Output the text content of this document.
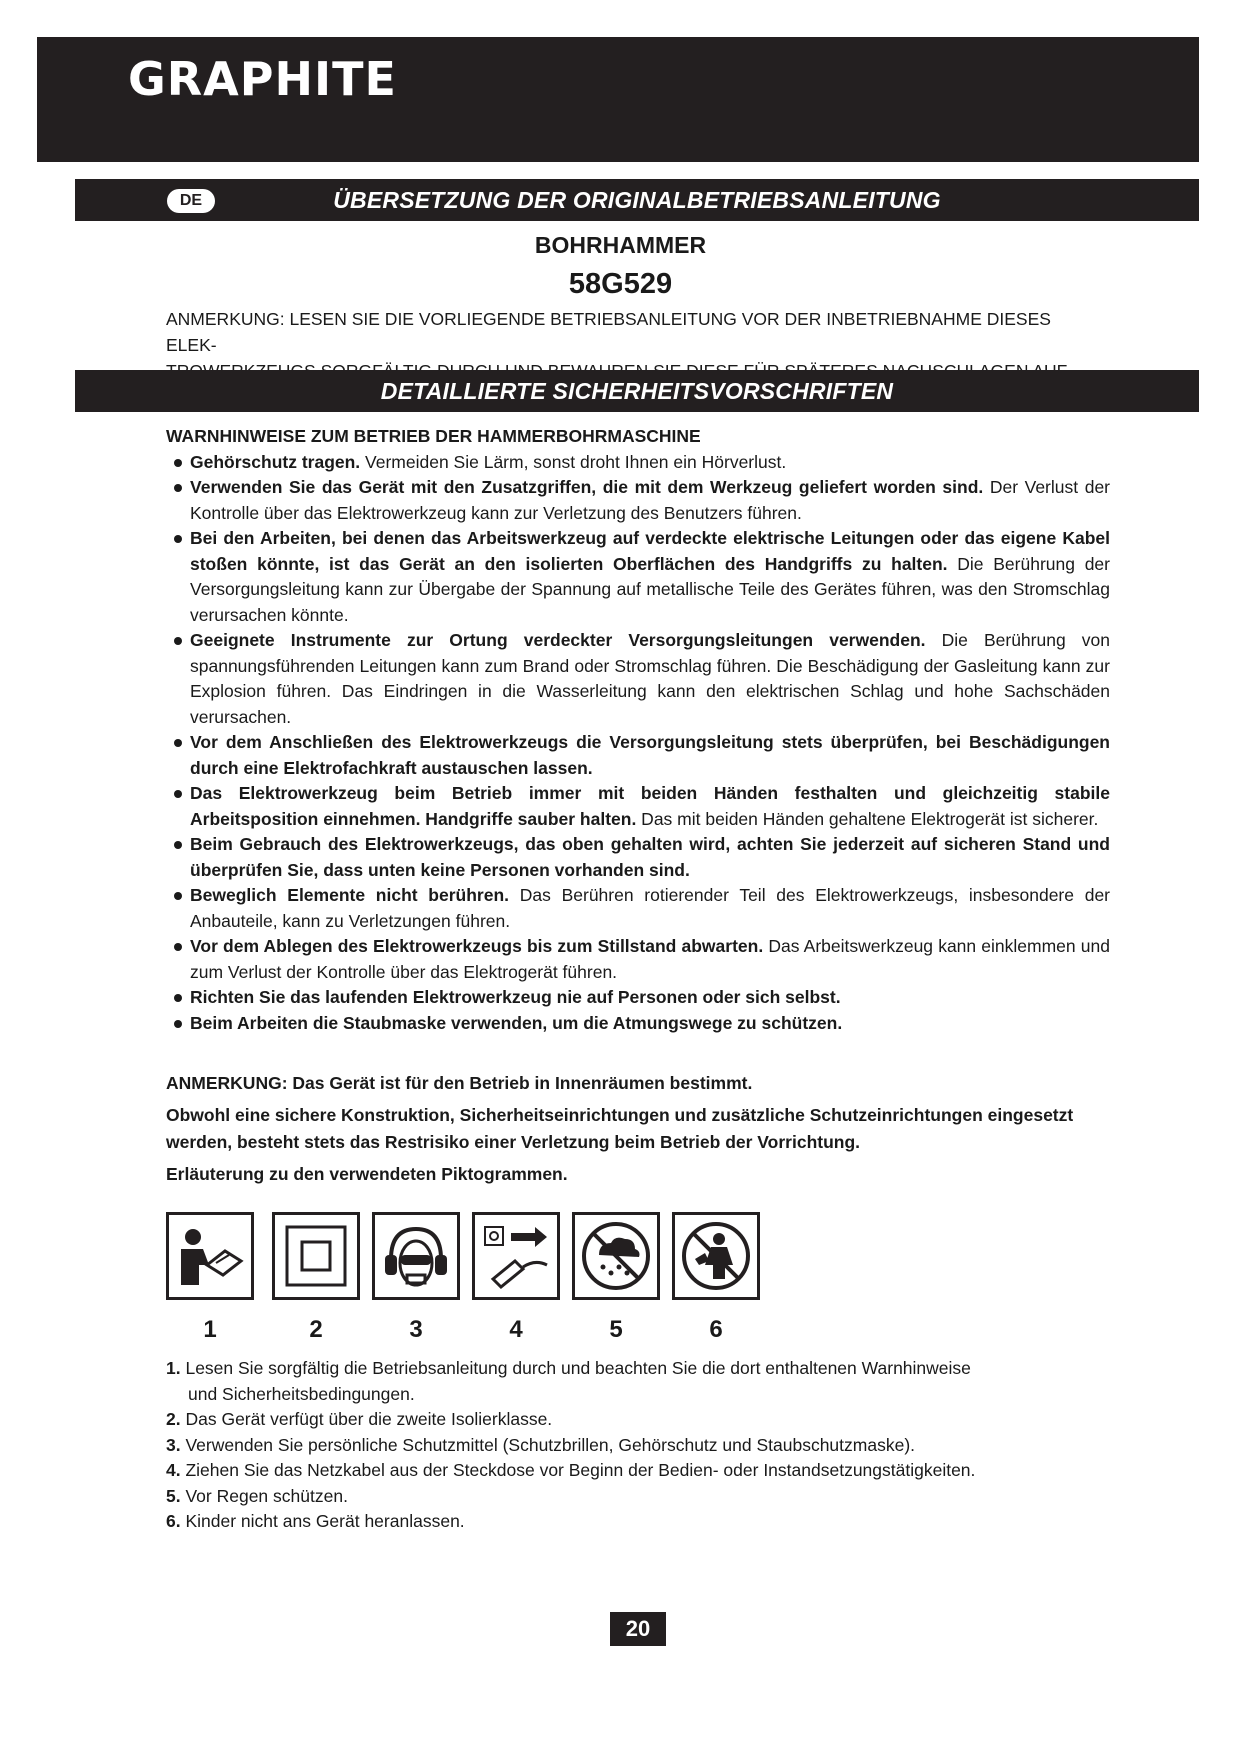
GRAPHITE
DE	ÜBERSETZUNG DER ORIGINALBETRIEBSANLEITUNG
BOHRHAMMER
58G529
ANMERKUNG: LESEN SIE DIE VORLIEGENDE BETRIEBSANLEITUNG VOR DER INBETRIEBNAHME DIESES ELEK-
DETAILLIERTE SICHERHEITSVORSCHRIFTEN
WARNHINWEISE ZUM BETRIEB DER HAMMERBOHRMASCHINE
Gehörschutz tragen. Vermeiden Sie Lärm, sonst droht Ihnen ein Hörverlust.
Verwenden Sie das Gerät mit den Zusatzgriffen, die mit dem Werkzeug geliefert worden sind. Der Verlust der Kontrolle über das Elektrowerkzeug kann zur Verletzung des Benutzers führen.
Bei den Arbeiten, bei denen das Arbeitswerkzeug auf verdeckte elektrische Leitungen oder das eigene Kabel stoßen könnte, ist das Gerät an den isolierten Oberflächen des Handgriffs zu halten. Die Berührung der Versorgungsleitung kann zur Übergabe der Spannung auf metallische Teile des Gerätes führen, was den Stromschlag verursachen könnte.
Geeignete Instrumente zur Ortung verdeckter Versorgungsleitungen verwenden. Die Berührung von spannungsführenden Leitungen kann zum Brand oder Stromschlag führen. Die Beschädigung der Gasleitung kann zur Explosion führen. Das Eindringen in die Wasserleitung kann den elektrischen Schlag und hohe Sachschäden verursachen.
Vor dem Anschließen des Elektrowerkzeugs die Versorgungsleitung stets überprüfen, bei Beschädigungen durch eine Elektrofachkraft austauschen lassen.
Das Elektrowerkzeug beim Betrieb immer mit beiden Händen festhalten und gleichzeitig stabile Arbeitsposition einnehmen. Handgriffe sauber halten. Das mit beiden Händen gehaltene Elektrogerät ist sicherer.
Beim Gebrauch des Elektrowerkzeugs, das oben gehalten wird, achten Sie jederzeit auf sicheren Stand und überprüfen Sie, dass unten keine Personen vorhanden sind.
Beweglich Elemente nicht berühren. Das Berühren rotierender Teil des Elektrowerkzeugs, insbesondere der Anbauteile, kann zu Verletzungen führen.
Vor dem Ablegen des Elektrowerkzeugs bis zum Stillstand abwarten. Das Arbeitswerkzeug kann einklemmen und zum Verlust der Kontrolle über das Elektrogerät führen.
Richten Sie das laufenden Elektrowerkzeug nie auf Personen oder sich selbst.
Beim Arbeiten die Staubmaske verwenden, um die Atmungswege zu schützen.
ANMERKUNG: Das Gerät ist für den Betrieb in Innenräumen bestimmt.
Obwohl eine sichere Konstruktion, Sicherheitseinrichtungen und zusätzliche Schutzeinrichtungen eingesetzt werden, besteht stets das Restrisiko einer Verletzung beim Betrieb der Vorrichtung.
Erläuterung zu den verwendeten Piktogrammen.
1	2	3	4	5	6
1. Lesen Sie sorgfältig die Betriebsanleitung durch und beachten Sie die dort enthaltenen Warnhinweise
und Sicherheitsbedingungen.
2. Das Gerät verfügt über die zweite Isolierklasse.
3. Verwenden Sie persönliche Schutzmittel (Schutzbrillen, Gehörschutz und Staubschutzmaske).
4. Ziehen Sie das Netzkabel aus der Steckdose vor Beginn der Bedien- oder Instandsetzungstätigkeiten.
5. Vor Regen schützen.
6. Kinder nicht ans Gerät heranlassen.
20
